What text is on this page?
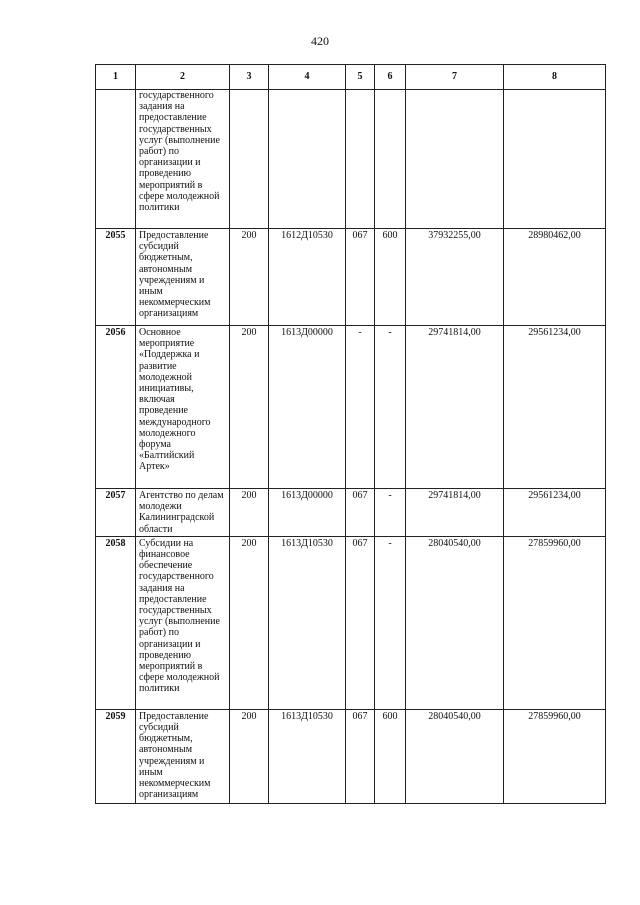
420
1	2	3	4	5	6	7	8
	государственного задания на предоставление государственных услуг (выполнение работ) по организации и проведению мероприятий в сфере молодежной политики						
2055	Предоставление субсидий бюджетным, автономным учреждениям и иным некоммерческим организациям	200	1612Д10530	067	600	37932255,00	28980462,00
2056	Основное мероприятие «Поддержка и развитие молодежной инициативы, включая проведение международного молодежного форума «Балтийский Артек»	200	1613Д00000	-	-	29741814,00	29561234,00
2057	Агентство по делам молодежи Калининградской области	200	1613Д00000	067	-	29741814,00	29561234,00
2058	Субсидии на финансовое обеспечение государственного задания на предоставление государственных услуг (выполнение работ) по организации и проведению мероприятий в сфере молодежной политики	200	1613Д10530	067	-	28040540,00	27859960,00
2059	Предоставление субсидий бюджетным, автономным учреждениям и иным некоммерческим организациям	200	1613Д10530	067	600	28040540,00	27859960,00
